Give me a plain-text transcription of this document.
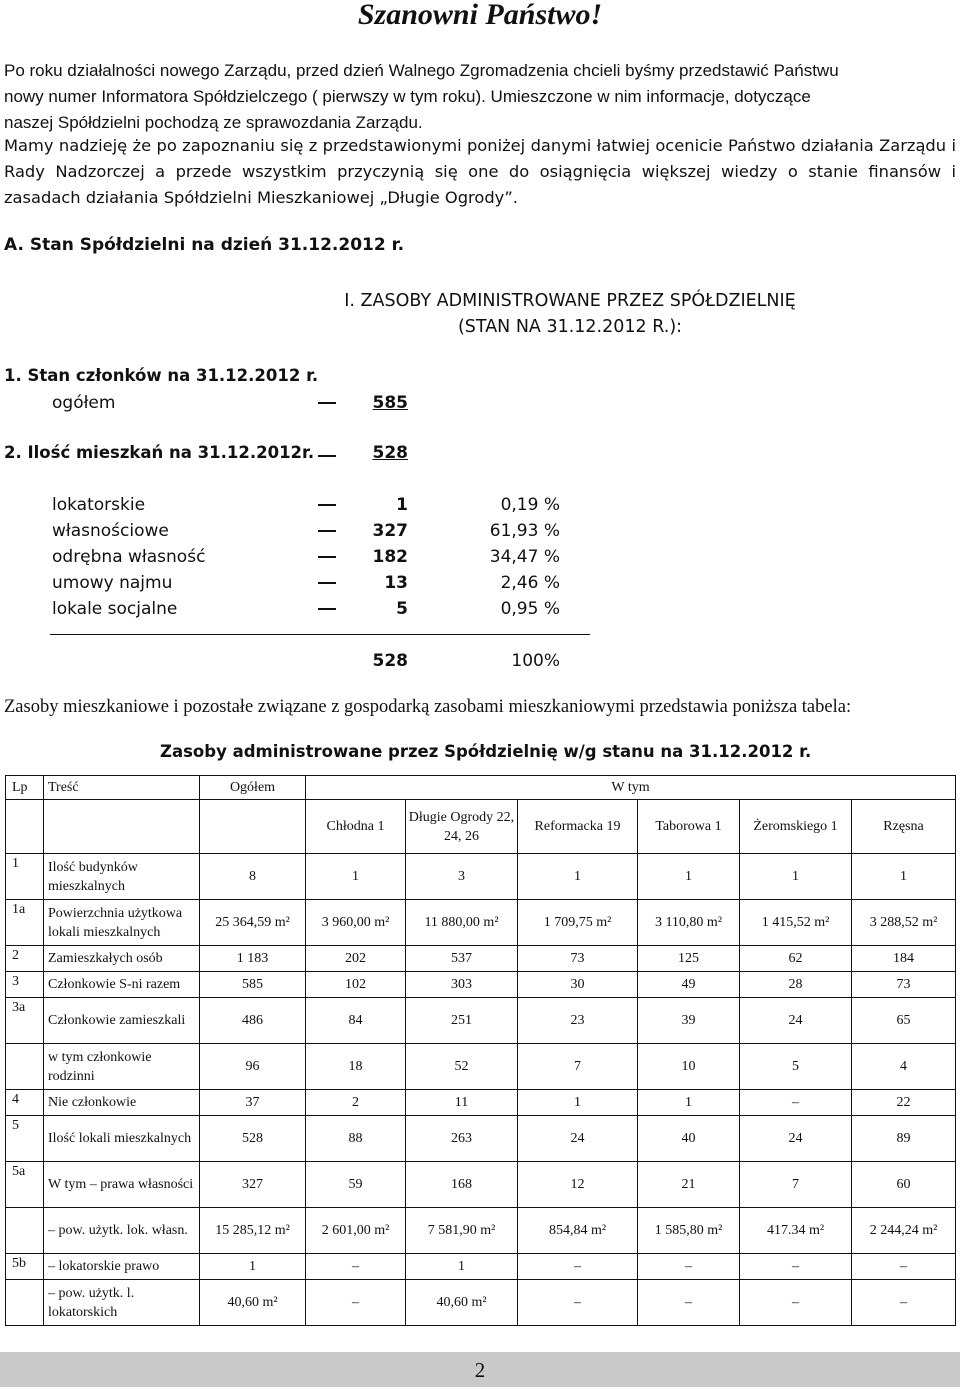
Szanowni Państwo!
Po roku działalności nowego Zarządu, przed dzień Walnego Zgromadzenia chcieli byśmy przedstawić Państwu
nowy numer Informatora Spółdzielczego ( pierwszy w tym roku). Umieszczone w nim informacje, dotyczące
naszej Spółdzielni pochodzą ze sprawozdania Zarządu.

Mamy nadzieję że po zapoznaniu się z przedstawionymi poniżej danymi łatwiej ocenicie Państwo działania Zarządu i Rady Nadzorczej a przede wszystkim przyczynią się one do osiągnięcia większej wiedzy o stanie finansów i zasadach działania Spółdzielni Mieszkaniowej „Długie Ogrody”.

A. Stan Spółdzielni na dzień 31.12.2012 r.

I. ZASOBY ADMINISTROWANE PRZEZ SPÓŁDZIELNIĘ
(STAN NA 31.12.2012 R.):

1. Stan członków na 31.12.2012 r.

ogółem	585

2. Ilość mieszkań na 31.12.2012r.	528
lokatorskie	1	0,19 %
własnościowe	327	61,93 %
odrębna własność	182	34,47 %
umowy najmu	13	2,46 %
lokale socjalne	5	0,95 %
528	100%

Zasoby mieszkaniowe i pozostałe związane z gospodarką zasobami mieszkaniowymi przedstawia poniższa tabela:

Zasoby administrowane przez Spółdzielnię w/g stanu na 31.12.2012 r.

Lp	Treść	Ogółem	W tym					
			Chłodna 1	Długie Ogrody 22, 24, 26	Reformacka 19	Taborowa 1	Żeromskiego 1	Rzęsna
1	Ilość budynków mieszkalnych	8	1	3	1	1	1	1
1a	Powierzchnia użytkowa lokali mieszkalnych	25 364,59 m²	3 960,00 m²	11 880,00 m²	1 709,75 m²	3 110,80 m²	1 415,52 m²	3 288,52 m²
2	Zamieszkałych osób	1 183	202	537	73	125	62	184
3	Członkowie S-ni razem	585	102	303	30	49	28	73
3a	Członkowie zamieszkali	486	84	251	23	39	24	65
	w tym członkowie rodzinni	96	18	52	7	10	5	4
4	Nie członkowie	37	2	11	1	1	–	22
5	Ilość lokali mieszkalnych	528	88	263	24	40	24	89
5a	W tym – prawa własności	327	59	168	12	21	7	60
	– pow. użytk. lok. własn.	15 285,12 m²	2 601,00 m²	7 581,90 m²	854,84 m²	1 585,80 m²	417.34 m²	2 244,24 m²
5b	– lokatorskie prawo	1	–	1	–	–	–	–
	– pow. użytk. l. lokatorskich	40,60 m²	–	40,60 m²	–	–	–	–
2
